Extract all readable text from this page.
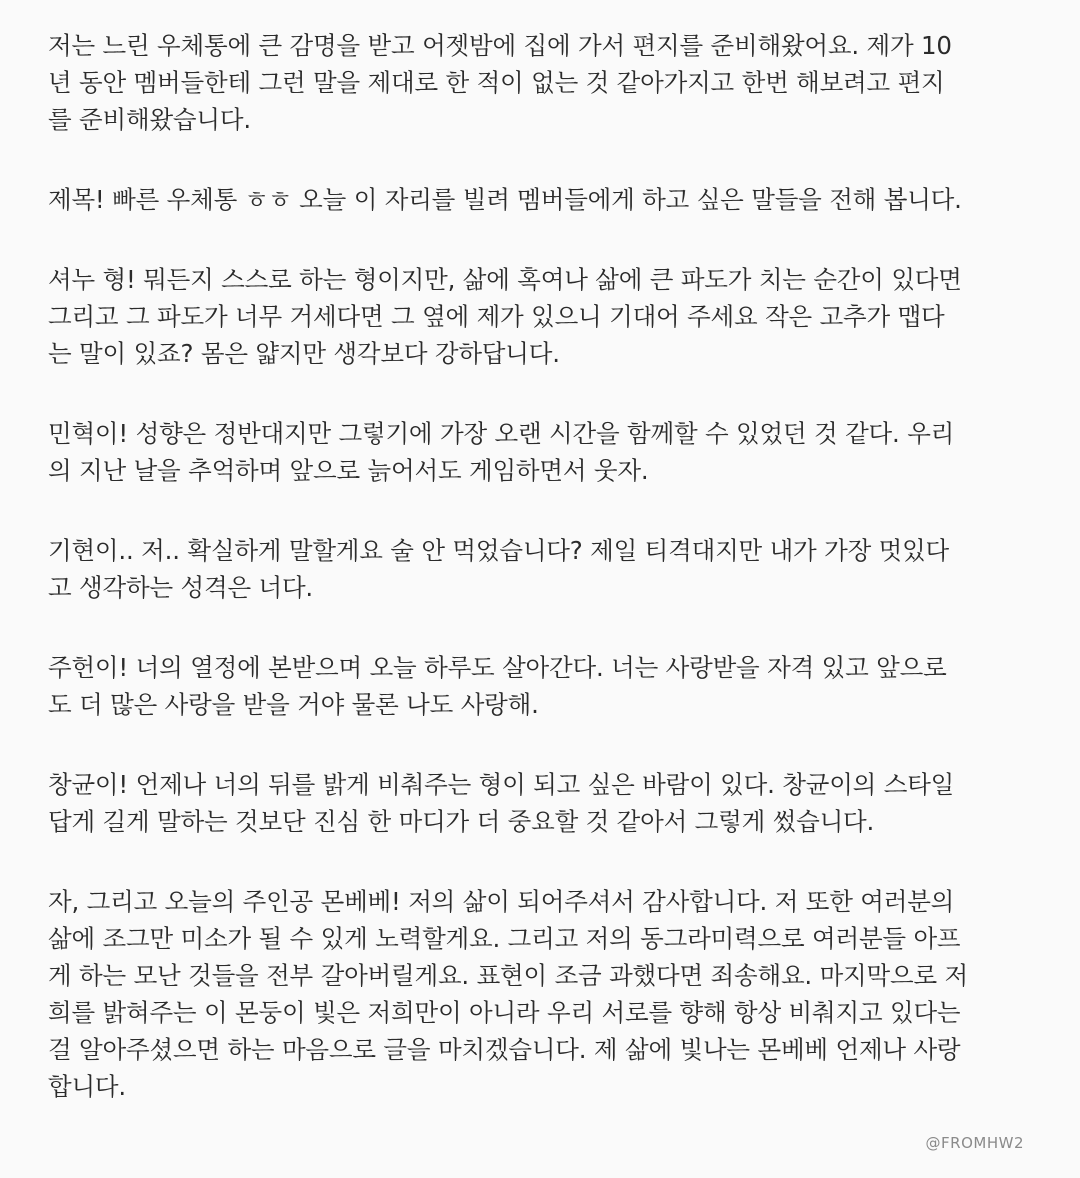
저는 느린 우체통에 큰 감명을 받고 어젯밤에 집에 가서 편지를 준비해왔어요. 제가 10
년 동안 멤버들한테 그런 말을 제대로 한 적이 없는 것 같아가지고 한번 해보려고 편지
를 준비해왔습니다.
제목! 빠른 우체통 ㅎㅎ 오늘 이 자리를 빌려 멤버들에게 하고 싶은 말들을 전해 봅니다.
셔누 형! 뭐든지 스스로 하는 형이지만, 삶에 혹여나 삶에 큰 파도가 치는 순간이 있다면
그리고 그 파도가 너무 거세다면 그 옆에 제가 있으니 기대어 주세요 작은 고추가 맵다
는 말이 있죠? 몸은 얇지만 생각보다 강하답니다.
민혁이! 성향은 정반대지만 그렇기에 가장 오랜 시간을 함께할 수 있었던 것 같다. 우리
의 지난 날을 추억하며 앞으로 늙어서도 게임하면서 웃자.
기현이.. 저.. 확실하게 말할게요 술 안 먹었습니다? 제일 티격대지만 내가 가장 멋있다
고 생각하는 성격은 너다.
주헌이! 너의 열정에 본받으며 오늘 하루도 살아간다. 너는 사랑받을 자격 있고 앞으로
도 더 많은 사랑을 받을 거야 물론 나도 사랑해.
창균이! 언제나 너의 뒤를 밝게 비춰주는 형이 되고 싶은 바람이 있다. 창균이의 스타일
답게 길게 말하는 것보단 진심 한 마디가 더 중요할 것 같아서 그렇게 썼습니다.
자, 그리고 오늘의 주인공 몬베베! 저의 삶이 되어주셔서 감사합니다. 저 또한 여러분의
삶에 조그만 미소가 될 수 있게 노력할게요. 그리고 저의 동그라미력으로 여러분들 아프
게 하는 모난 것들을 전부 갈아버릴게요. 표현이 조금 과했다면 죄송해요. 마지막으로 저
희를 밝혀주는 이 몬둥이 빛은 저희만이 아니라 우리 서로를 향해 항상 비춰지고 있다는
걸 알아주셨으면 하는 마음으로 글을 마치겠습니다. 제 삶에 빛나는 몬베베 언제나 사랑
합니다.
@FROMHW2
